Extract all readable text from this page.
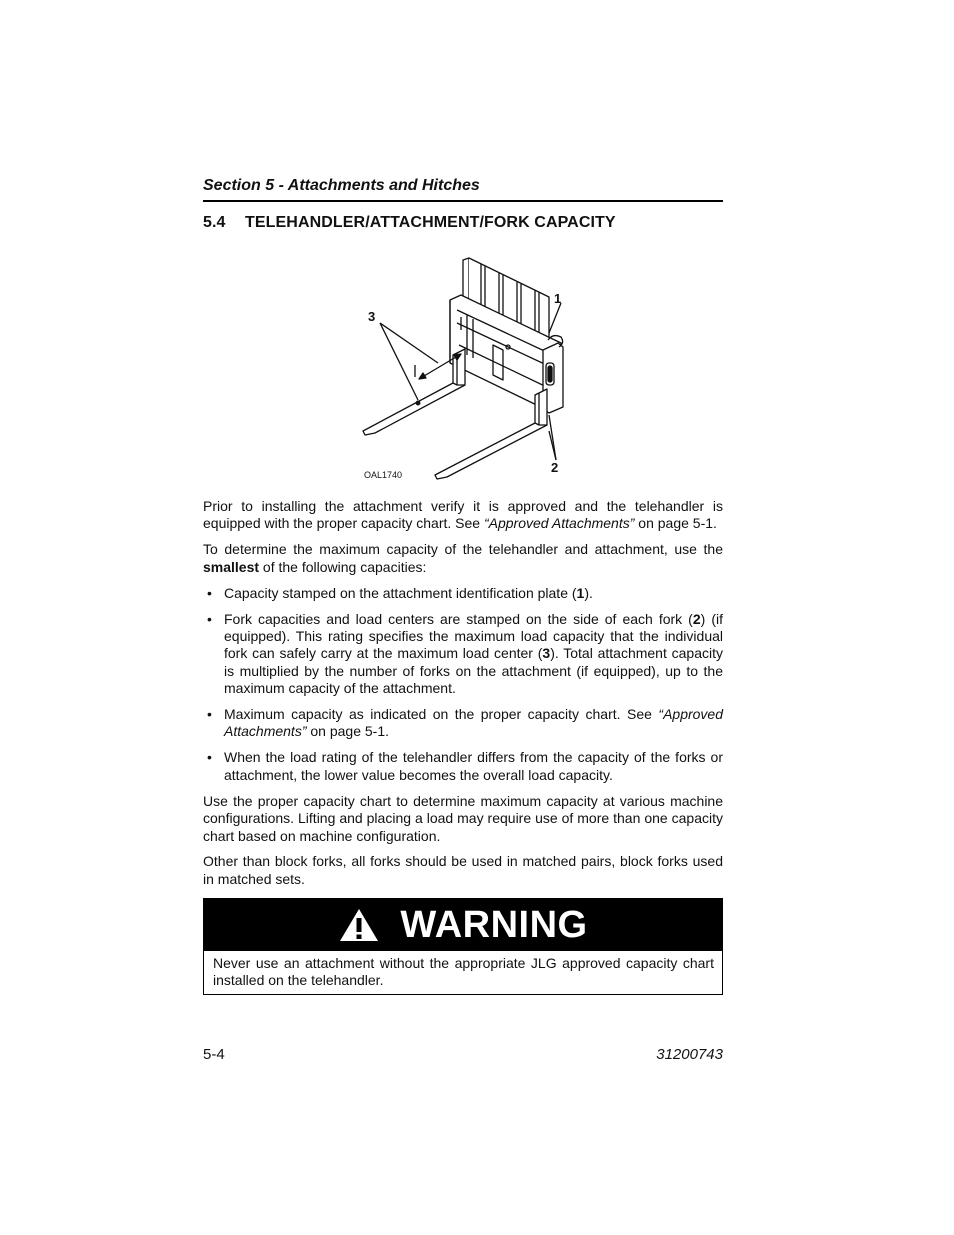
Section 5 - Attachments and Hitches
5.4 TELEHANDLER/ATTACHMENT/FORK CAPACITY
1
3
2
OAL1740

Prior to installing the attachment verify it is approved and the telehandler is equipped with the proper capacity chart. See “Approved Attachments” on page 5-1.

To determine the maximum capacity of the telehandler and attachment, use the smallest of the following capacities:

• Capacity stamped on the attachment identification plate (1).
• Fork capacities and load centers are stamped on the side of each fork (2) (if equipped). This rating specifies the maximum load capacity that the individual fork can safely carry at the maximum load center (3). Total attachment capacity is multiplied by the number of forks on the attachment (if equipped), up to the maximum capacity of the attachment.
• Maximum capacity as indicated on the proper capacity chart. See “Approved Attachments” on page 5-1.
• When the load rating of the telehandler differs from the capacity of the forks or attachment, the lower value becomes the overall load capacity.

Use the proper capacity chart to determine maximum capacity at various machine configurations. Lifting and placing a load may require use of more than one capacity chart based on machine configuration.

Other than block forks, all forks should be used in matched pairs, block forks used in matched sets.

WARNING
Never use an attachment without the appropriate JLG approved capacity chart installed on the telehandler.
5-4	31200743
